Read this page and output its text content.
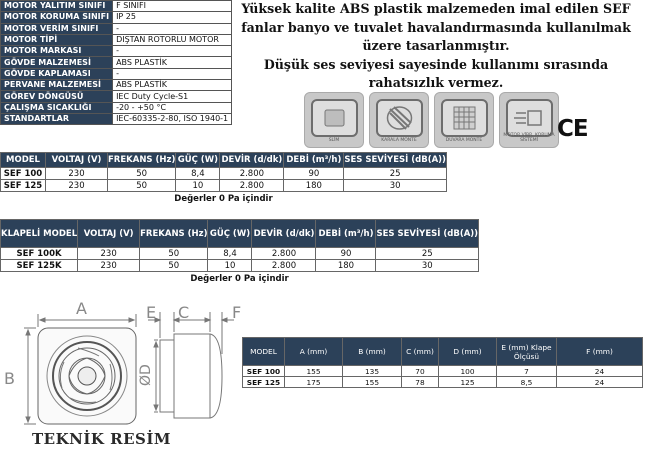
MOTOR YALITIM SINIFI	F SINIFI
MOTOR KORUMA SINIFI	IP 25
MOTOR VERİM SINIFI	-
MOTOR TİPİ	DIŞTAN ROTORLU MOTOR
MOTOR MARKASI	-
GÖVDE MALZEMESİ	ABS PLASTİK
GÖVDE KAPLAMASI	-
PERVANE MALZEMESİ	ABS PLASTİK
GÖREV DÖNGÜSÜ	IEC Duty Cycle-S1
ÇALIŞMA SICAKLIĞI	-20 - +50 °C
STANDARTLAR	IEC-60335-2-80, ISO 1940-1

Yüksek kalite ABS plastik malzemeden imal edilen SEF

fanlar banyo ve tuvalet havalandırmasında kullanılmak

üzere tasarlanmıştır.

Düşük ses seviyesi sayesinde kullanımı sırasında

rahatsızlık vermez.

SLİM	KARALA MONTE	DUVARA MONTE
MOTOR VİBR. KORUMA SİSTEMİ CE
MODEL	VOLTAJ (V)	FREKANS (Hz)	GÜÇ (W)	DEVİR (d/dk)	DEBİ (m³/h)	SES SEVİYESİ (dB(A))
SEF 100	230	50	8,4	2.800	90	25
SEF 125	230	50	10	2.800	180	30
Değerler 0 Pa içindir						
KLAPELİ MODEL	VOLTAJ (V)	FREKANS (Hz)	GÜÇ (W)	DEVİR (d/dk)	DEBİ (m³/h)	SES SEVİYESİ (dB(A))
SEF 100K	230	50	8,4	2.800	90	25
SEF 125K	230	50	10	2.800	180	30
Değerler 0 Pa içindir						
A
B
E C	F
ØD
MODEL	A (mm)	B (mm)	C (mm)	D (mm)	E (mm) Klape Ölçüsü	F (mm)
SEF 100	155	135	70	100	7	24
SEF 125	175	155	78	125	8,5	24
TEKNİK RESİM
